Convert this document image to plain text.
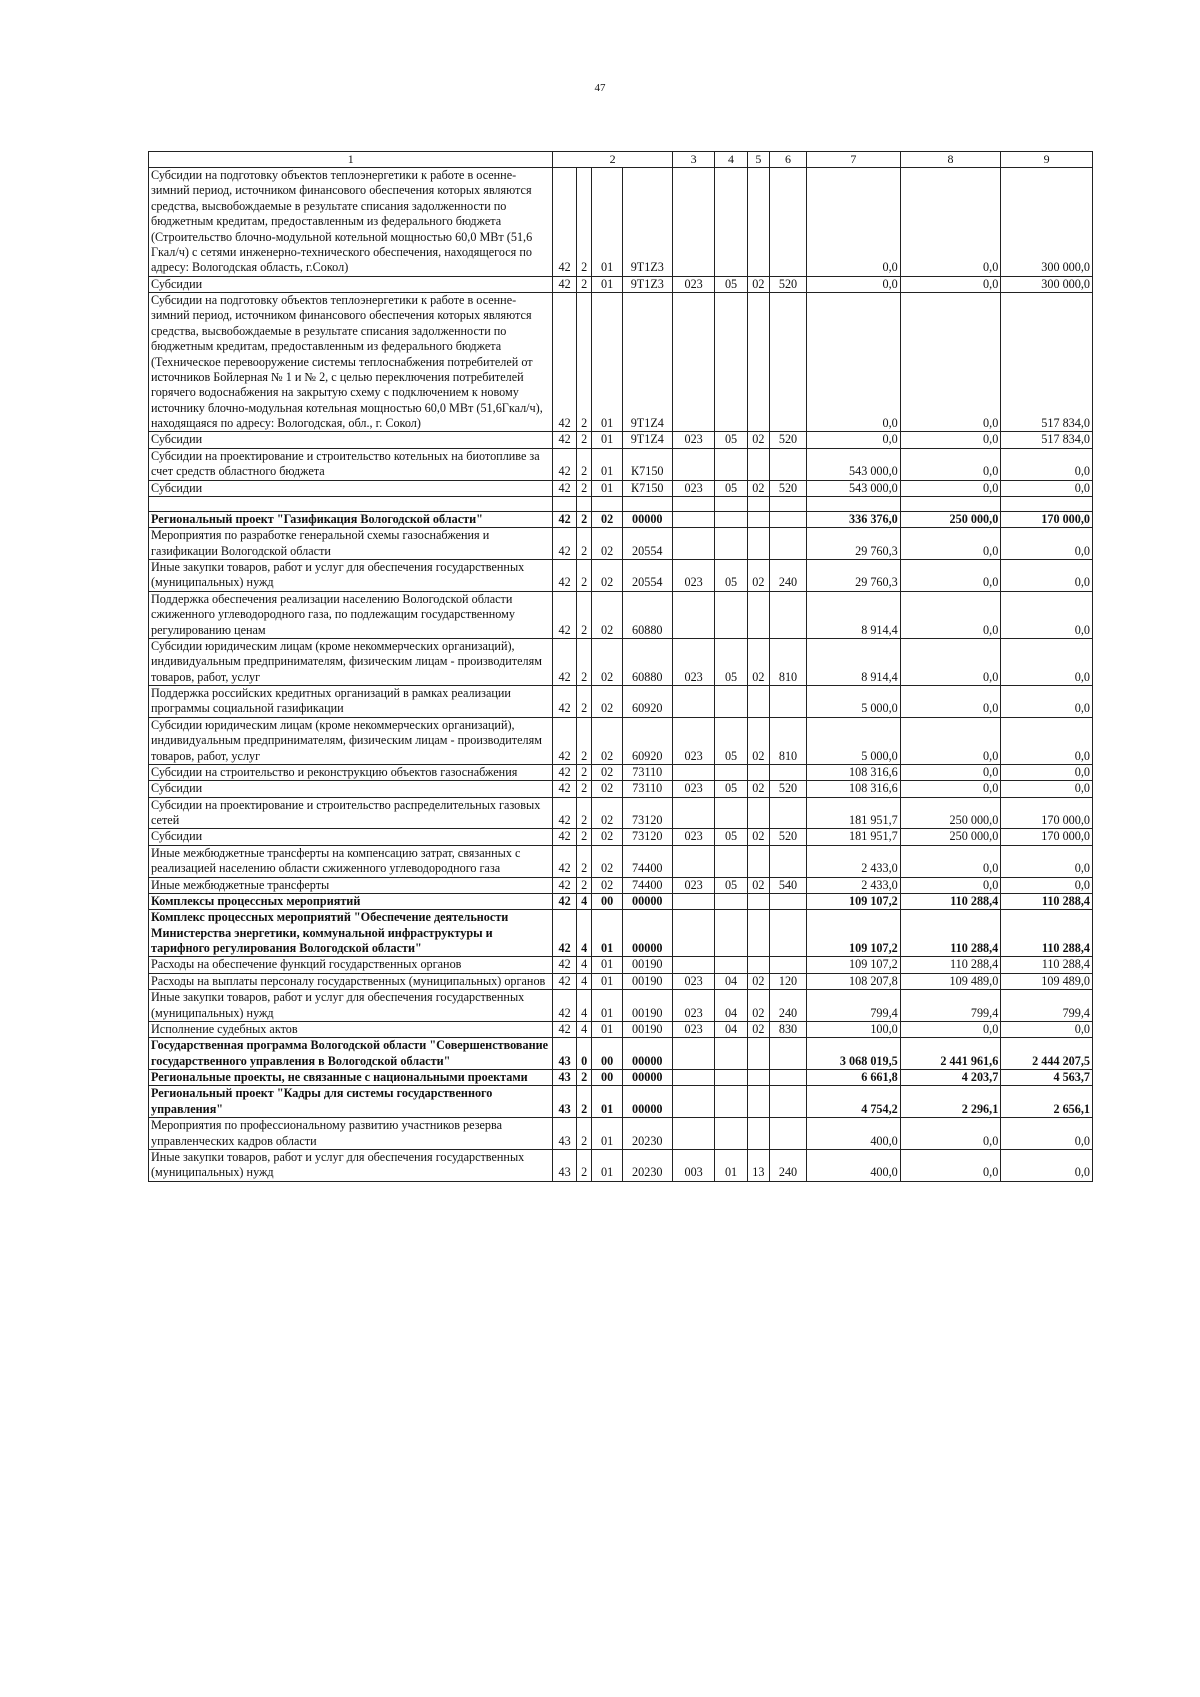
47
1	2				3	4	5	6	7	8	9
Субсидии на подготовку объектов теплоэнергетики к работе в осенне-зимний период, источником финансового обеспечения которых являются средства, высвобождаемые в результате списания задолженности по бюджетным кредитам, предоставленным из федерального бюджета (Строительство блочно-модульной котельной мощностью 60,0 МВт (51,6 Гкал/ч) с сетями инженерно-технического обеспечения, находящегося по адресу: Вологодская область, г.Сокол)	42	2	01	9Т1Z3					0,0	0,0	300 000,0
Субсидии	42	2	01	9Т1Z3	023	05	02	520	0,0	0,0	300 000,0
Субсидии на подготовку объектов теплоэнергетики к работе в осенне-зимний период, источником финансового обеспечения которых являются средства, высвобождаемые в результате списания задолженности по бюджетным кредитам, предоставленным из федерального бюджета (Техническое перевооружение системы теплоснабжения потребителей от источников Бойлерная № 1 и № 2, с целью переключения потребителей горячего водоснабжения на закрытую схему с подключением к новому источнику блочно-модульная котельная мощностью 60,0 МВт (51,6Гкал/ч), находящаяся по адресу: Вологодская, обл., г. Сокол)	42	2	01	9Т1Z4					0,0	0,0	517 834,0
Субсидии	42	2	01	9Т1Z4	023	05	02	520	0,0	0,0	517 834,0
Субсидии на проектирование и строительство котельных на биотопливе за счет средств областного бюджета	42	2	01	К7150					543 000,0	0,0	0,0
Субсидии	42	2	01	К7150	023	05	02	520	543 000,0	0,0	0,0

Региональный проект "Газификация Вологодской области"	42	2	02	00000					336 376,0	250 000,0	170 000,0
Мероприятия по разработке генеральной схемы газоснабжения и газификации Вологодской области	42	2	02	20554					29 760,3	0,0	0,0
Иные закупки товаров, работ и услуг для обеспечения государственных (муниципальных) нужд	42	2	02	20554	023	05	02	240	29 760,3	0,0	0,0
Поддержка обеспечения реализации населению Вологодской области сжиженного углеводородного газа, по подлежащим государственному регулированию ценам	42	2	02	60880					8 914,4	0,0	0,0
Субсидии юридическим лицам (кроме некоммерческих организаций), индивидуальным предпринимателям, физическим лицам - производителям товаров, работ, услуг	42	2	02	60880	023	05	02	810	8 914,4	0,0	0,0
Поддержка российских кредитных организаций в рамках реализации программы социальной газификации	42	2	02	60920					5 000,0	0,0	0,0
Субсидии юридическим лицам (кроме некоммерческих организаций), индивидуальным предпринимателям, физическим лицам - производителям товаров, работ, услуг	42	2	02	60920	023	05	02	810	5 000,0	0,0	0,0
Субсидии на строительство и реконструкцию объектов газоснабжения	42	2	02	73110					108 316,6	0,0	0,0
Субсидии	42	2	02	73110	023	05	02	520	108 316,6	0,0	0,0
Субсидии на проектирование и строительство распределительных газовых сетей	42	2	02	73120					181 951,7	250 000,0	170 000,0
Субсидии	42	2	02	73120	023	05	02	520	181 951,7	250 000,0	170 000,0
Иные межбюджетные трансферты на компенсацию затрат, связанных с реализацией населению области сжиженного углеводородного газа	42	2	02	74400					2 433,0	0,0	0,0
Иные межбюджетные трансферты	42	2	02	74400	023	05	02	540	2 433,0	0,0	0,0
Комплексы процессных мероприятий	42	4	00	00000					109 107,2	110 288,4	110 288,4
Комплекс процессных мероприятий "Обеспечение деятельности Министерства энергетики, коммунальной инфраструктуры и тарифного регулирования Вологодской области"	42	4	01	00000					109 107,2	110 288,4	110 288,4
Расходы на обеспечение функций государственных органов	42	4	01	00190					109 107,2	110 288,4	110 288,4
Расходы на выплаты персоналу государственных (муниципальных) органов	42	4	01	00190	023	04	02	120	108 207,8	109 489,0	109 489,0
Иные закупки товаров, работ и услуг для обеспечения государственных (муниципальных) нужд	42	4	01	00190	023	04	02	240	799,4	799,4	799,4
Исполнение судебных актов	42	4	01	00190	023	04	02	830	100,0	0,0	0,0
Государственная программа Вологодской области "Совершенствование государственного управления в Вологодской области"	43	0	00	00000					3 068 019,5	2 441 961,6	2 444 207,5
Региональные проекты, не связанные с национальными проектами	43	2	00	00000					6 661,8	4 203,7	4 563,7
Региональный проект "Кадры для системы государственного управления"	43	2	01	00000					4 754,2	2 296,1	2 656,1
Мероприятия по профессиональному развитию участников резерва управленческих кадров области	43	2	01	20230					400,0	0,0	0,0
Иные закупки товаров, работ и услуг для обеспечения государственных (муниципальных) нужд	43	2	01	20230	003	01	13	240	400,0	0,0	0,0
